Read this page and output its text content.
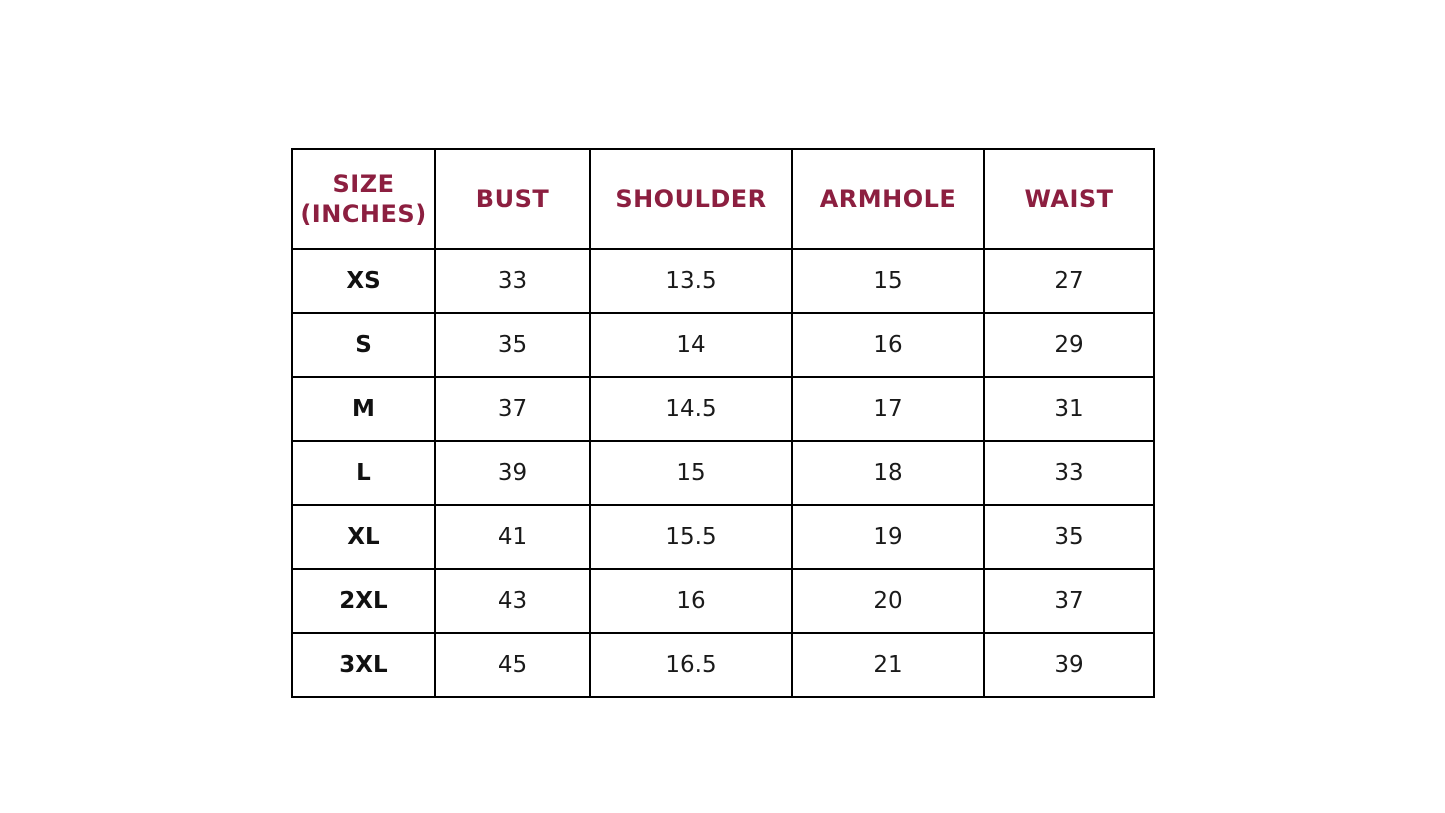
SIZE
(INCHES)	BUST	SHOULDER	ARMHOLE	WAIST
XS	33	13.5	15	27
S	35	14	16	29
M	37	14.5	17	31
L	39	15	18	33
XL	41	15.5	19	35
2XL	43	16	20	37
3XL	45	16.5	21	39
